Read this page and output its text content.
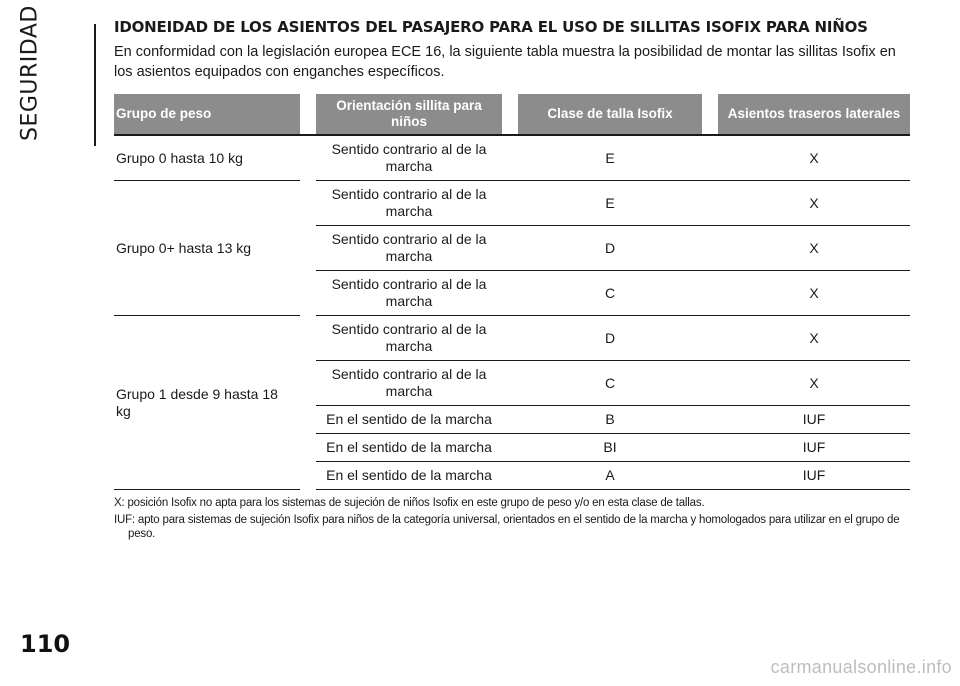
SEGURIDAD	IDONEIDAD DE LOS ASIENTOS DEL PASAJERO PARA EL USO DE SILLITAS ISOFIX PARA NIÑOS

En conformidad con la legislación europea ECE 16, la siguiente tabla muestra la posibilidad de montar las sillitas Isofix en los asientos equipados con enganches específicos.

Grupo de peso		Orientación sillita para niños		Clase de talla Isofix		Asientos traseros laterales
Grupo 0 hasta 10 kg		Sentido contrario al de la marcha		E		X
Grupo 0+ hasta 13 kg		Sentido contrario al de la marcha		E		X
		Sentido contrario al de la marcha		D		X
		Sentido contrario al de la marcha		C		X
Grupo 1 desde 9 hasta 18 kg		Sentido contrario al de la marcha		D		X
		Sentido contrario al de la marcha		C		X
		En el sentido de la marcha		B		IUF
		En el sentido de la marcha		BI		IUF
		En el sentido de la marcha		A		IUF

X: posición Isofix no apta para los sistemas de sujeción de niños Isofix en este grupo de peso y/o en esta clase de tallas.

IUF: apto para sistemas de sujeción Isofix para niños de la categoría universal, orientados en el sentido de la marcha y homologados para utilizar en el grupo de peso.

110
carmanualsonline.info
